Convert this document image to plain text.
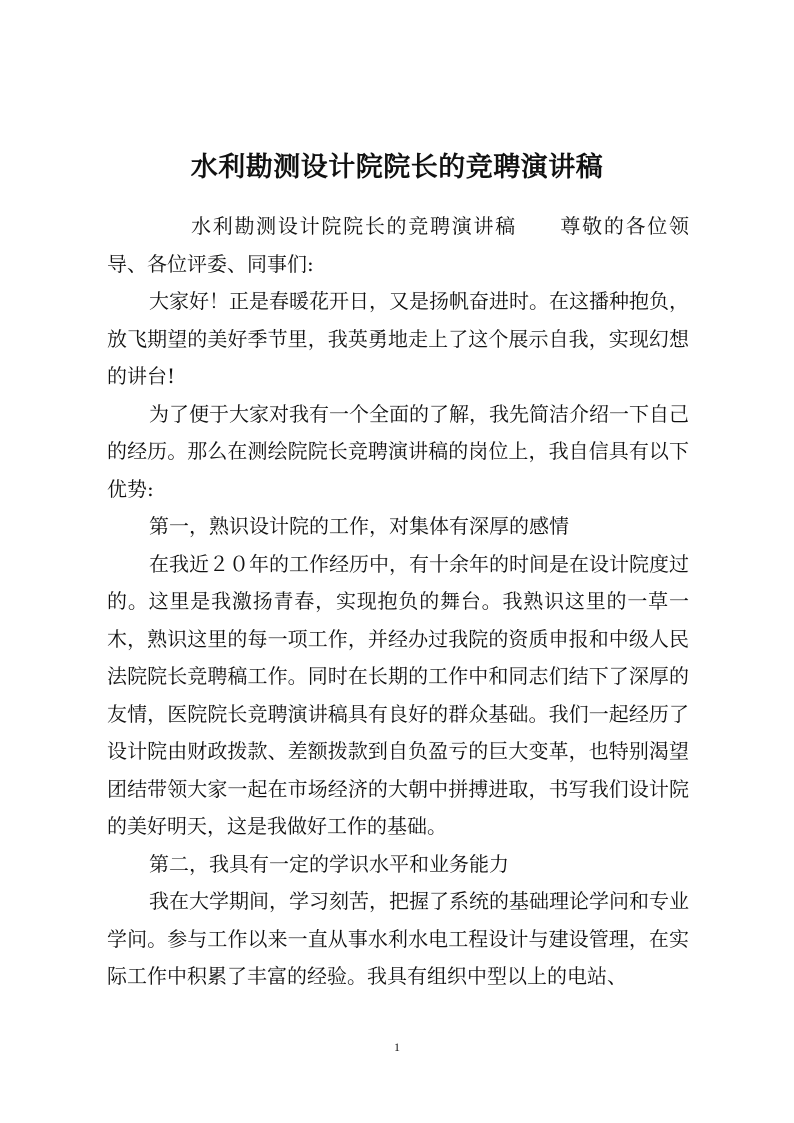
水利勘测设计院院长的竞聘演讲稿

水利勘测设计院院长的竞聘演讲稿　　尊敬的各位领导、各位评委、同事们:

大家好！正是春暖花开日，又是扬帆奋进时。在这播种抱负，放飞期望的美好季节里，我英勇地走上了这个展示自我，实现幻想的讲台!

为了便于大家对我有一个全面的了解，我先简洁介绍一下自己的经历。那么在测绘院院长竞聘演讲稿的岗位上，我自信具有以下优势:

第一，熟识设计院的工作，对集体有深厚的感情

在我近２０年的工作经历中，有十余年的时间是在设计院度过的。这里是我激扬青春，实现抱负的舞台。我熟识这里的一草一木，熟识这里的每一项工作，并经办过我院的资质申报和中级人民法院院长竞聘稿工作。同时在长期的工作中和同志们结下了深厚的友情，医院院长竞聘演讲稿具有良好的群众基础。我们一起经历了设计院由财政拨款、差额拨款到自负盈亏的巨大变革，也特别渴望团结带领大家一起在市场经济的大朝中拼搏进取，书写我们设计院的美好明天，这是我做好工作的基础。

第二，我具有一定的学识水平和业务能力

我在大学期间，学习刻苦，把握了系统的基础理论学问和专业学问。参与工作以来一直从事水利水电工程设计与建设管理，在实际工作中积累了丰富的经验。我具有组织中型以上的电站、

1
